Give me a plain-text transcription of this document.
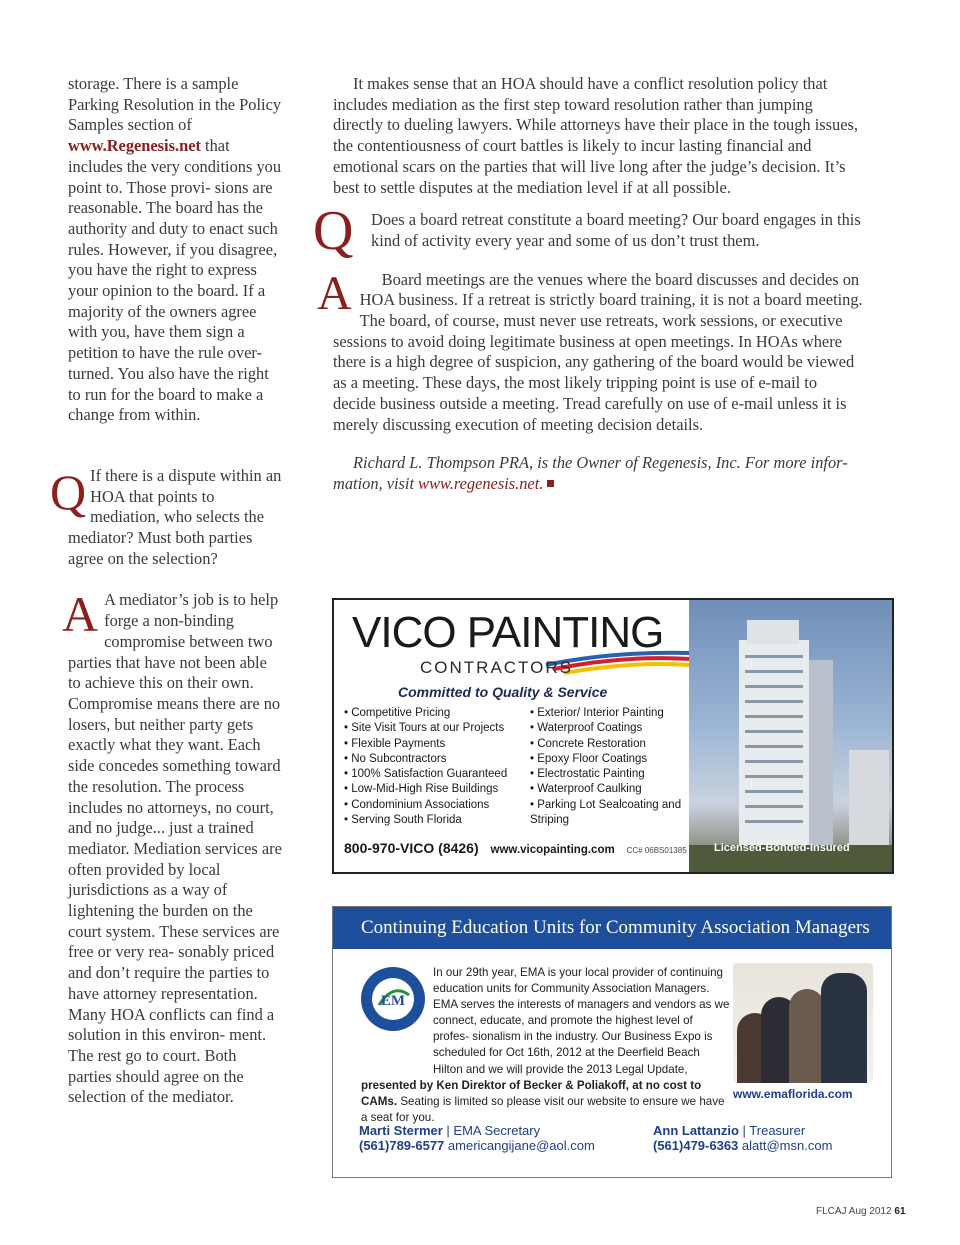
storage. There is a sample Parking Resolution in the Policy Samples section of www.Regenesis.net that includes the very conditions you point to. Those provi- sions are reasonable. The board has the authority and duty to enact such rules. However, if you disagree, you have the right to express your opinion to the board. If a majority of the owners agree with you, have them sign a petition to have the rule over- turned. You also have the right to run for the board to make a change from within.

Q If there is a dispute within an HOA that points to mediation, who selects the mediator? Must both parties agree on the selection?

A A mediator’s job is to help forge a non-binding compromise between two parties that have not been able to achieve this on their own. Compromise means there are no losers, but neither party gets exactly what they want. Each side concedes something toward the resolution. The process includes no attorneys, no court, and no judge... just a trained mediator. Mediation services are often provided by local jurisdictions as a way of lightening the burden on the court system. These services are free or very rea- sonably priced and don’t require the parties to have attorney representation. Many HOA conflicts can find a solution in this environ- ment. The rest go to court. Both parties should agree on the selection of the mediator.

It makes sense that an HOA should have a conflict resolution policy that includes mediation as the first step toward resolution rather than jumping directly to dueling lawyers. While attorneys have their place in the tough issues, the contentiousness of court battles is likely to incur lasting financial and emotional scars on the parties that will live long after the judge’s decision. It’s best to settle disputes at the mediation level if at all possible.

Q Does a board retreat constitute a board meeting? Our board engages in this kind of activity every year and some of us don’t trust them.

A	Board meetings are the venues where the board discusses and decides on HOA business. If a retreat is strictly board training, it is not a board meeting. The board, of course, must never use retreats, work sessions, or executive sessions to avoid doing legitimate business at open meetings. In HOAs where there is a high degree of suspicion, any gathering of the board would be viewed as a meeting. These days, the most likely tripping point is use of e-mail to decide business outside a meeting. Tread carefully on use of e-mail unless it is merely discussing execution of meeting decision details.

Richard L. Thompson PRA, is the Owner of Regenesis, Inc. For more infor- mation, visit www.regenesis.net.

VICO PAINTING
CONTRACTORS
Committed to Quality & Service
• Competitive Pricing
• Site Visit Tours at our Projects
• Flexible Payments
• No Subcontractors
• 100% Satisfaction Guaranteed
• Low-Mid-High Rise Buildings
• Condominium Associations
• Serving South Florida
• Exterior/ Interior Painting
• Waterproof Coatings
• Concrete Restoration
• Epoxy Floor Coatings
• Electrostatic Painting
• Waterproof Caulking
• Parking Lot Sealcoating and Striping
800-970-VICO (8426) www.vicopainting.com CC# 06BS01385 Licensed-Bonded-Insured
Continuing Education Units for Community Association Managers
EM
In our 29th year, EMA is your local provider of continuing education units for Community Association Managers. EMA serves the interests of managers and vendors as we connect, educate, and promote the highest level of profes- sionalism in the industry. Our Business Expo is scheduled for Oct 16th, 2012 at the Deerfield Beach Hilton and we will provide the 2013 Legal Update,
presented by Ken Direktor of Becker & Poliakoff, at no cost to CAMs. Seating is limited so please visit our website to ensure we have a seat for you.
www.emaflorida.com
Marti Stermer | EMA Secretary
(561)789-6577 americangijane@aol.com
Ann Lattanzio | Treasurer
(561)479-6363 alatt@msn.com
FLCAJ Aug 2012 61
